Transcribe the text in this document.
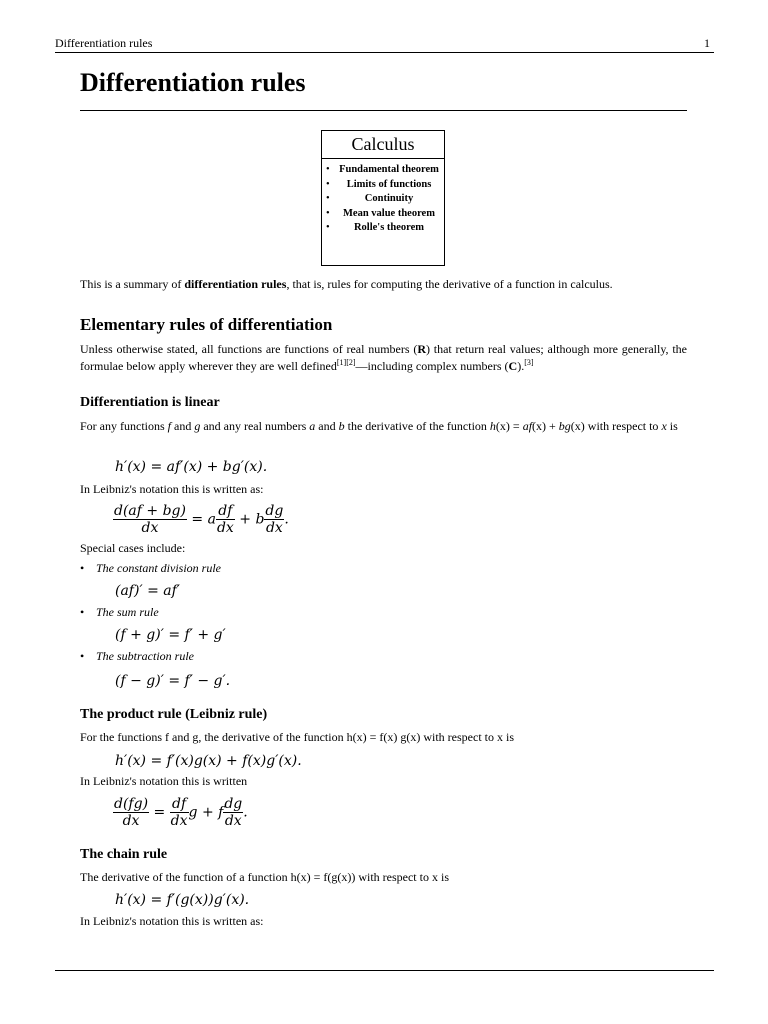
Differentiation rules	1
Differentiation rules
Calculus
• Fundamental theorem
• Limits of functions
•	Continuity
• Mean value theorem
• Rolle's theorem
This is a summary of differentiation rules, that is, rules for computing the derivative of a function in calculus.
Elementary rules of differentiation
Unless otherwise stated, all functions are functions of real numbers (R) that return real values; although more generally, the formulae below apply wherever they are well defined[1][2]—including complex numbers (C).[3]
Differentiation is linear
For any functions f and g and any real numbers a and b the derivative of the function h(x) = af(x) + bg(x) with respect to x is
h′(x) = af′(x) + bg′(x).
In Leibniz's notation this is written as:
$\frac{d(af + bg)}{dx} = a \frac{df}{dx} + b \frac{dg}{dx}$ .
Special cases include:
• The constant division rule
(af)′ = af′
• The sum rule
(f + g)′ = f′ + g′
• The subtraction rule
(f − g)′ = f′ − g′.
The product rule (Leibniz rule)
For the functions f and g, the derivative of the function h(x) = f(x) g(x) with respect to x is
h′(x) = f′(x)g(x) + f(x)g′(x).
In Leibniz's notation this is written
$\frac{d(fg)}{dx} = \frac{df}{dx}$ g + f $\frac{dg}{dx}$ .
The chain rule
The derivative of the function of a function h(x) = f(g(x)) with respect to x is
h′(x) = f′(g(x))g′(x).
In Leibniz's notation this is written as:
